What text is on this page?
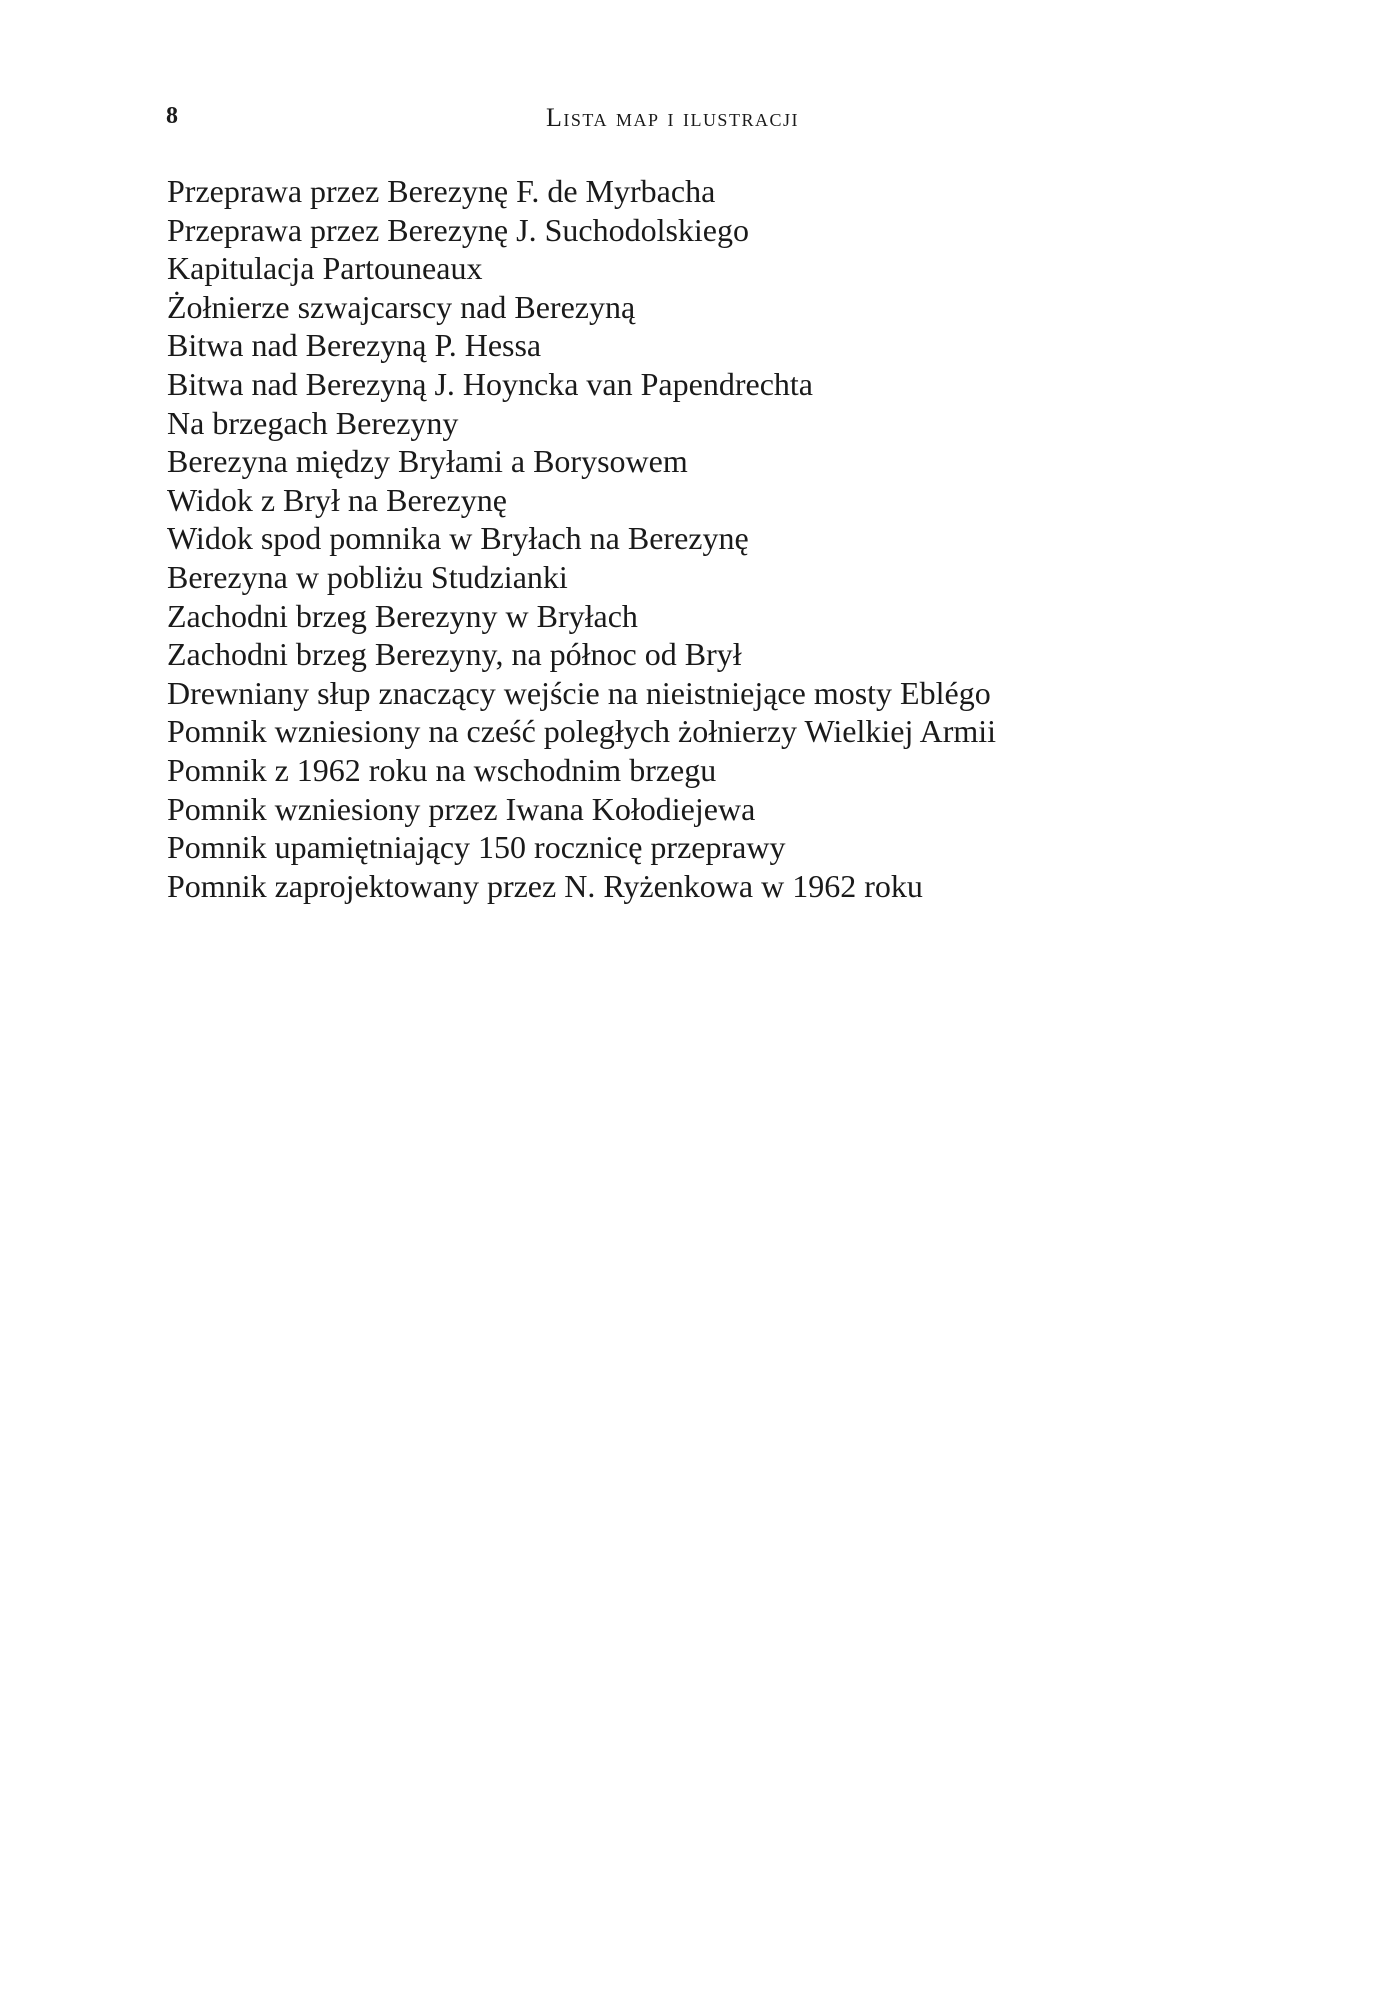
8	Lista map i ilustracji
Przeprawa przez Berezynę F. de Myrbacha
Przeprawa przez Berezynę J. Suchodolskiego
Kapitulacja Partouneaux
Żołnierze szwajcarscy nad Berezyną
Bitwa nad Berezyną P. Hessa
Bitwa nad Berezyną J. Hoyncka van Papendrechta
Na brzegach Berezyny
Berezyna między Bryłami a Borysowem
Widok z Brył na Berezynę
Widok spod pomnika w Bryłach na Berezynę
Berezyna w pobliżu Studzianki
Zachodni brzeg Berezyny w Bryłach
Zachodni brzeg Berezyny, na północ od Brył
Drewniany słup znaczący wejście na nieistniejące mosty Eblégo
Pomnik wzniesiony na cześć poległych żołnierzy Wielkiej Armii
Pomnik z 1962 roku na wschodnim brzegu
Pomnik wzniesiony przez Iwana Kołodiejewa
Pomnik upamiętniający 150 rocznicę przeprawy
Pomnik zaprojektowany przez N. Ryżenkowa w 1962 roku
